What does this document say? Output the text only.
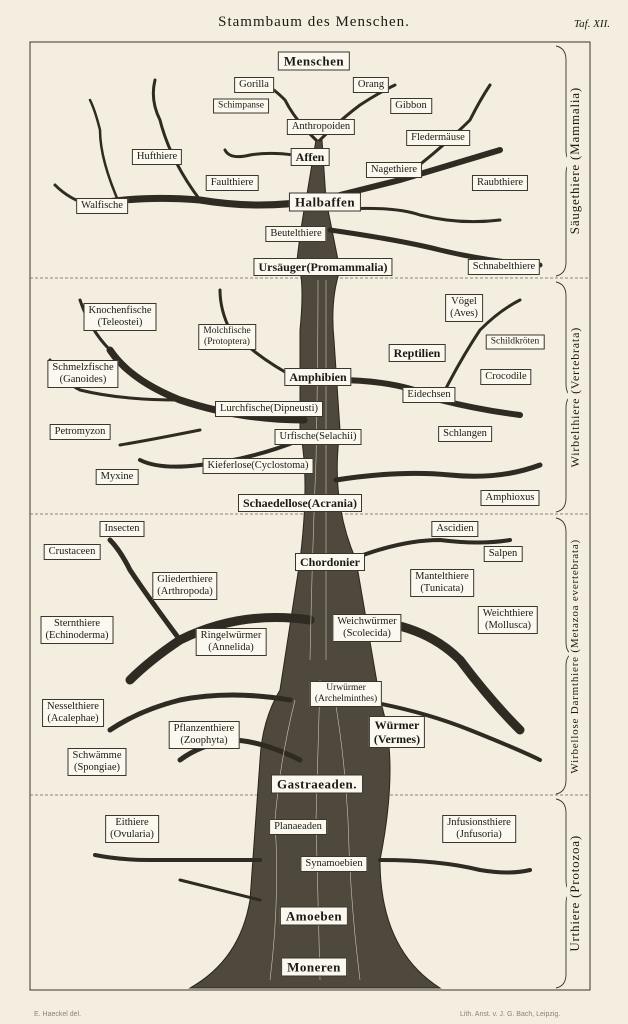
Stammbaum des Menschen.	Taf. XII.
Säugethiere (Mammalia)
Wirbelthiere (Vertebrata)
Wirbellose Darmthiere (Metazoa evertebrata)
Urthiere (Protozoa)
Menschen
Gorilla	Orang
Schimpanse	Gibbon
Anthropoiden
Hufthiere
Fledermäuse
Affen
Nagethiere
Faulthiere	Raubthiere
Walfische	Halbaffen
Beutelthiere
Ursäuger(Promammalia)	Schnabelthiere
Knochenfische
(Teleostei)
Molchfische
(Protoptera)
Vögel
(Aves)
Schildkröten
Reptilien
Schmelzfische
(Ganoides)	Amphibien	Crocodile
Eidechsen
Lurchfische(Dipneusti)
Petromyzon	Urfische(Selachii)	Schlangen
Kieferlose(Cyclostoma)
Myxine
Schaedellose(Acrania)	Amphioxus
Insecten	Ascidien
Crustaceen
Chordonier
Salpen
Gliederthiere
(Arthropoda)
Mantelthiere
(Tunicata)
Sternthiere
(Echinoderma)
Weichwürmer
(Scolecida)
Weichthiere
(Mollusca)
Ringelwürmer
(Annelida)
Urwürmer
(Archelminthes)
Nesselthiere
(Acalephae)
Pflanzenthiere
(Zoophyta)
Würmer
(Vermes)
Schwämme
(Spongiae)
Gastraeaden.
Eithiere
(Ovularia)
Planaeaden	Jnfusionsthiere
(Jnfusoria)
Synamoebien
Amoeben
Moneren
E. Haeckel del.	Lith. Anst. v. J. G. Bach, Leipzig.
